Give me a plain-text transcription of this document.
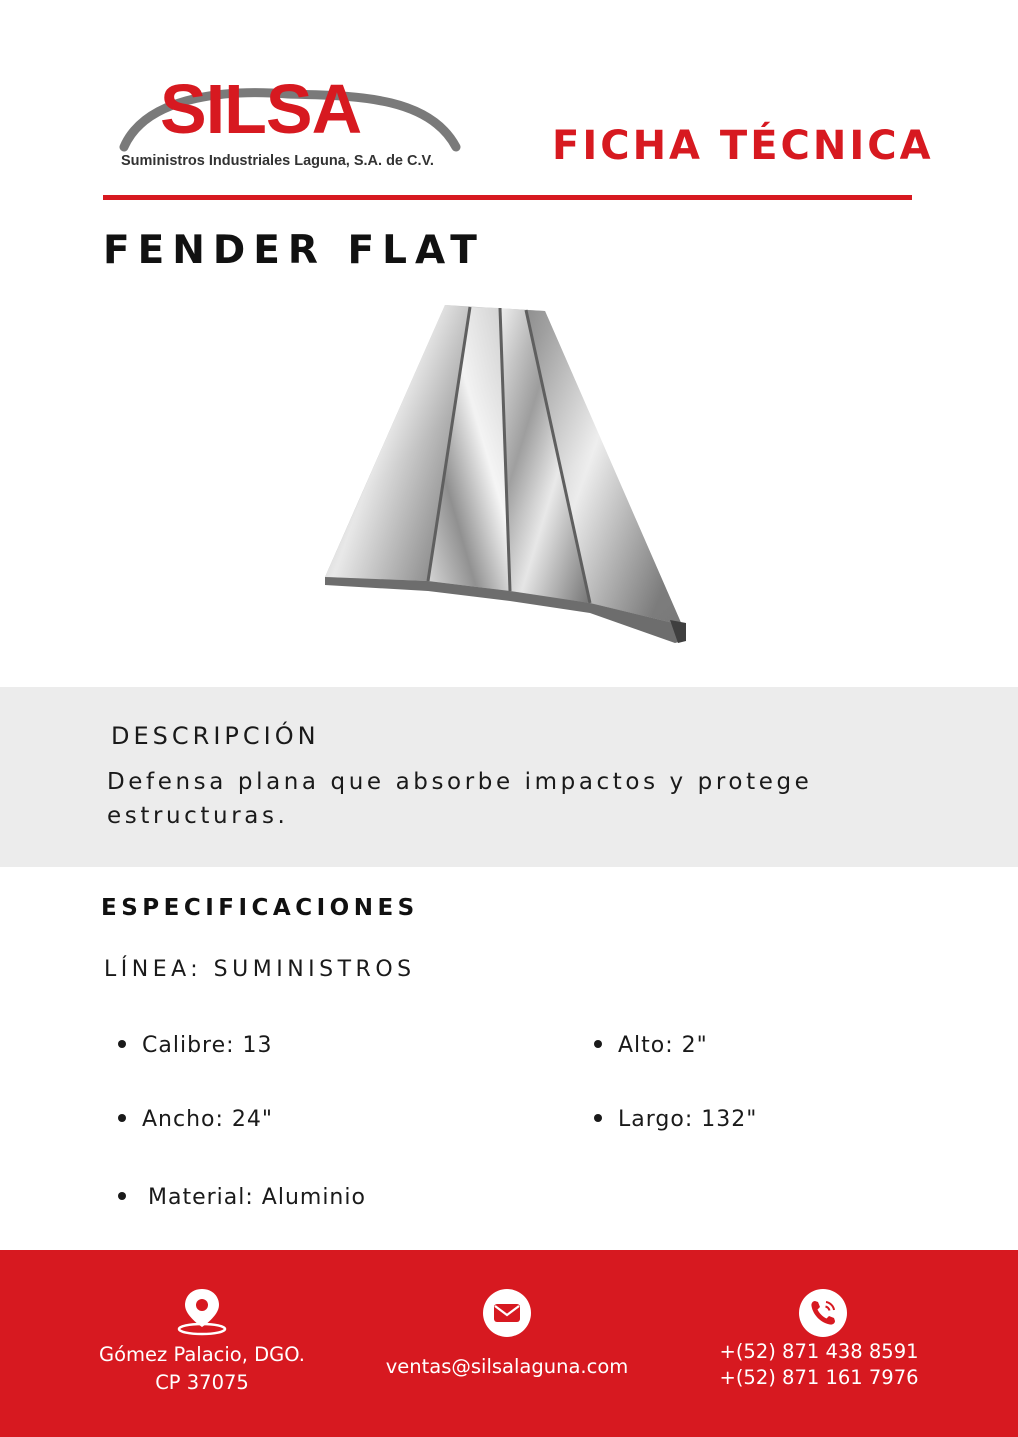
SILSA
Suministros Industriales Laguna, S.A. de C.V.	FICHA TÉCNICA
FENDER FLAT
DESCRIPCIÓN
Defensa plana que absorbe impactos y protege estructuras.
ESPECIFICACIONES
LÍNEA: SUMINISTROS
Calibre: 13	Alto: 2"
Ancho: 24"	Largo: 132"
Material: Aluminio
Gómez Palacio, DGO.
CP 37075
ventas@silsalaguna.com
+(52) 871 438 8591
+(52) 871 161 7976
